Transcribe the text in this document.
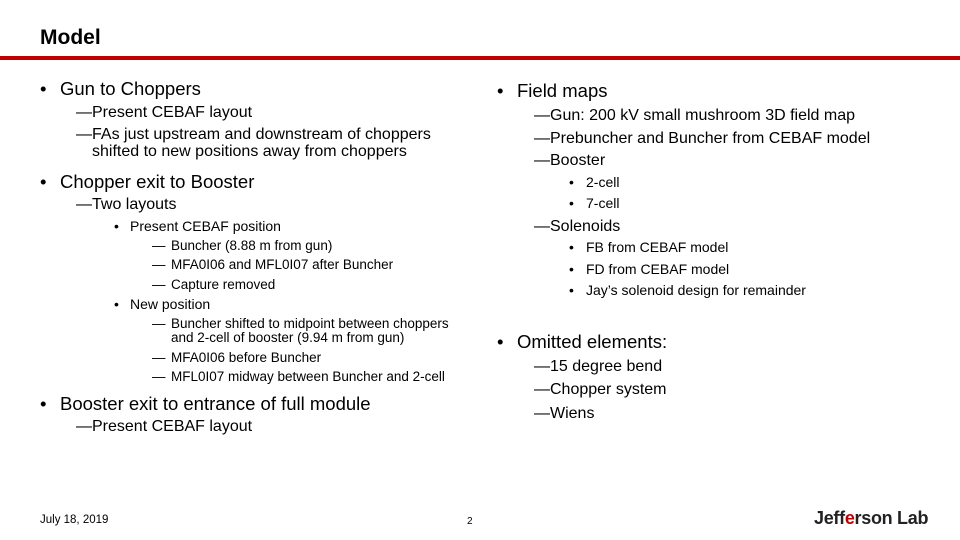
Model
• Gun to Choppers
— Present CEBAF layout
— FAs just upstream and downstream of choppers shifted to new positions away from choppers
• Chopper exit to Booster
— Two layouts
• Present CEBAF position
— Buncher (8.88 m from gun)
— MFA0I06 and MFL0I07 after Buncher
— Capture removed
• New position
— Buncher shifted to midpoint between choppers and 2-cell of booster (9.94 m from gun)
— MFA0I06 before Buncher
— MFL0I07 midway between Buncher and 2-cell
• Booster exit to entrance of full module
— Present CEBAF layout
• Field maps
— Gun: 200 kV small mushroom 3D field map
— Prebuncher and Buncher from CEBAF model
— Booster
• 2-cell
• 7-cell
— Solenoids
• FB from CEBAF model
• FD from CEBAF model
• Jay’s solenoid design for remainder
• Omitted elements:
— 15 degree bend
— Chopper system
— Wiens
July 18, 2019	2	Jefferson Lab
